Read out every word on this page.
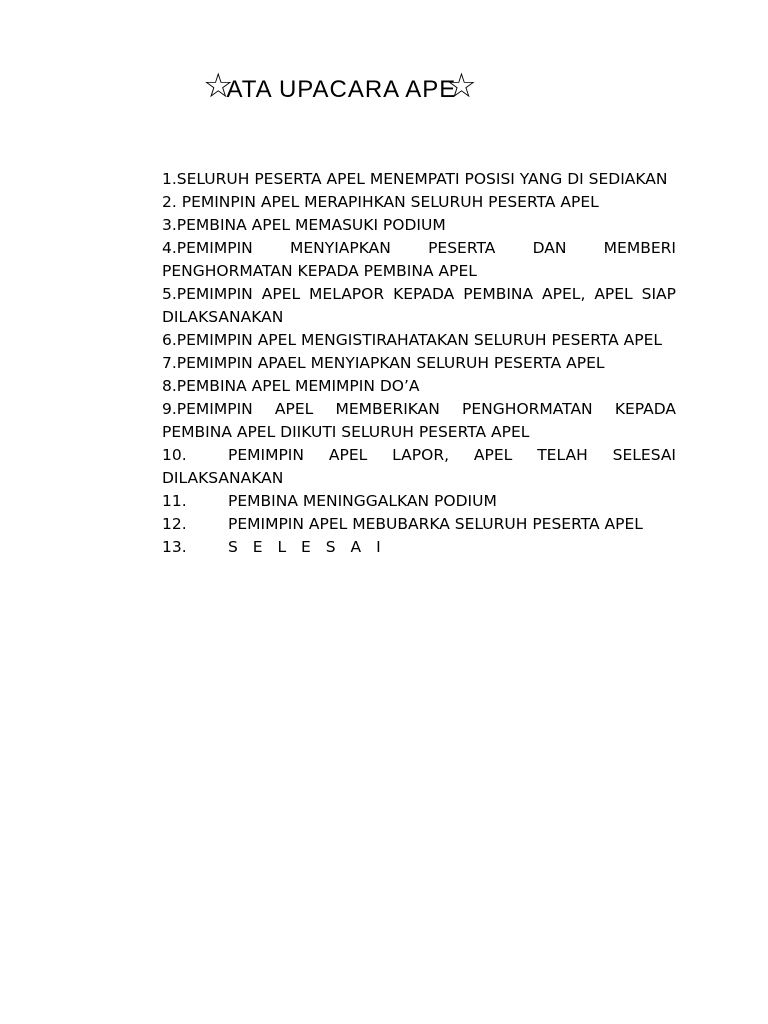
☆
ATA UPACARA APE
☆
1.SELURUH PESERTA APEL MENEMPATI POSISI YANG DI SEDIAKAN
2. PEMINPIN APEL MERAPIHKAN SELURUH PESERTA APEL
3.PEMBINA APEL MEMASUKI PODIUM
4.PEMIMPIN MENYIAPKAN PESERTA DAN MEMBERI PENGHORMATAN KEPADA PEMBINA APEL
5.PEMIMPIN APEL MELAPOR KEPADA PEMBINA APEL, APEL SIAP DILAKSANAKAN
6.PEMIMPIN APEL MENGISTIRAHATAKAN SELURUH PESERTA APEL
7.PEMIMPIN APAEL MENYIAPKAN SELURUH PESERTA APEL
8.PEMBINA APEL MEMIMPIN DO’A
9.PEMIMPIN APEL MEMBERIKAN PENGHORMATAN KEPADA PEMBINA APEL DIIKUTI SELURUH PESERTA APEL
10.	PEMIMPIN APEL LAPOR, APEL TELAH SELESAI DILAKSANAKAN
11.	PEMBINA MENINGGALKAN PODIUM
12.	PEMIMPIN APEL MEBUBARKA SELURUH PESERTA APEL
13.	S E L E S A I
